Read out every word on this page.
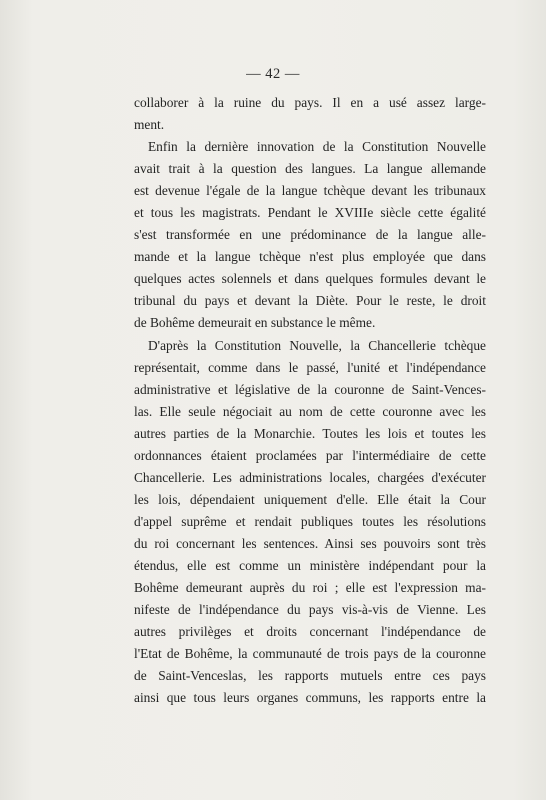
— 42 —
collaborer à la ruine du pays. Il en a usé assez large-
ment.
Enfin la dernière innovation de la Constitution Nouvelle
avait trait à la question des langues. La langue allemande
est devenue l'égale de la langue tchèque devant les tribunaux
et tous les magistrats. Pendant le XVIIIe siècle cette égalité
s'est transformée en une prédominance de la langue alle-
mande et la langue tchèque n'est plus employée que dans
quelques actes solennels et dans quelques formules devant le
tribunal du pays et devant la Diète. Pour le reste, le droit
de Bohême demeurait en substance le même.
D'après la Constitution Nouvelle, la Chancellerie tchèque
représentait, comme dans le passé, l'unité et l'indépendance
administrative et législative de la couronne de Saint-Vences-
las. Elle seule négociait au nom de cette couronne avec les
autres parties de la Monarchie. Toutes les lois et toutes les
ordonnances étaient proclamées par l'intermédiaire de cette
Chancellerie. Les administrations locales, chargées d'exécuter
les lois, dépendaient uniquement d'elle. Elle était la Cour
d'appel suprême et rendait publiques toutes les résolutions
du roi concernant les sentences. Ainsi ses pouvoirs sont très
étendus, elle est comme un ministère indépendant pour la
Bohême demeurant auprès du roi ; elle est l'expression ma-
nifeste de l'indépendance du pays vis-à-vis de Vienne. Les
autres privilèges et droits concernant l'indépendance de
l'Etat de Bohême, la communauté de trois pays de la couronne
de Saint-Venceslas, les rapports mutuels entre ces pays
ainsi que tous leurs organes communs, les rapports entre la
